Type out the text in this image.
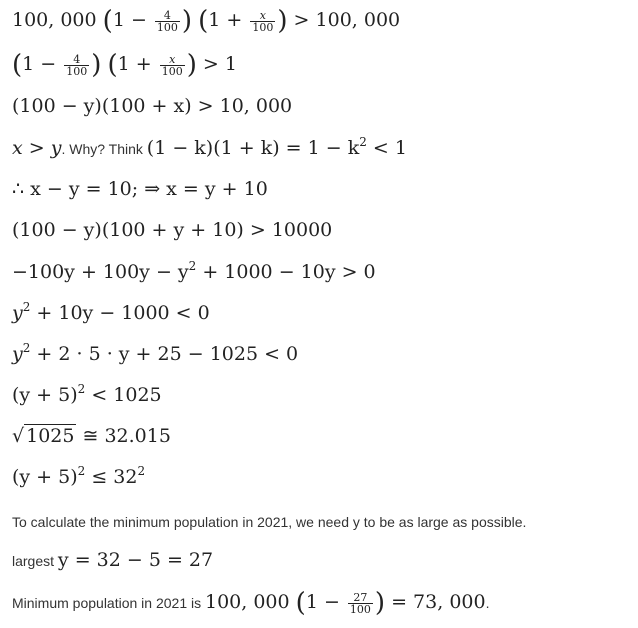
100, 000 ($1 - \frac{4}{100}$ ) ($1 + \frac{x}{100}$ ) > 100, 000
($1 - \frac{4}{100}$ ) ($1 + \frac{x}{100}$ ) > 1
(100 − y)(100 + x) > 10, 000
x > y. Why? Think $(1 - k)(1 + k) = 1 - k^2 < 1$
∴ x − y = 10; ⇒ x = y + 10
(100 − y)(100 + y + 10) > 10000
$-100y + 100y - y^2 + 1000 - 10y > 0$
$y^2 + 10y - 1000 < 0$
$y^2 + 2 \cdot 5 \cdot y + 25 - 1025 < 0$
$(y + 5)^2 < 1025$
√ 1025 ≅ 32.015
$(y + 5)^2 \le 32^2$
To calculate the minimum population in 2021, we need y to be as large as possible.
largest y = 32 − 5 = 27
Minimum population in 2021 is 100, 000 ($1 - \frac{27}{100}$ ) = 73, 000.
